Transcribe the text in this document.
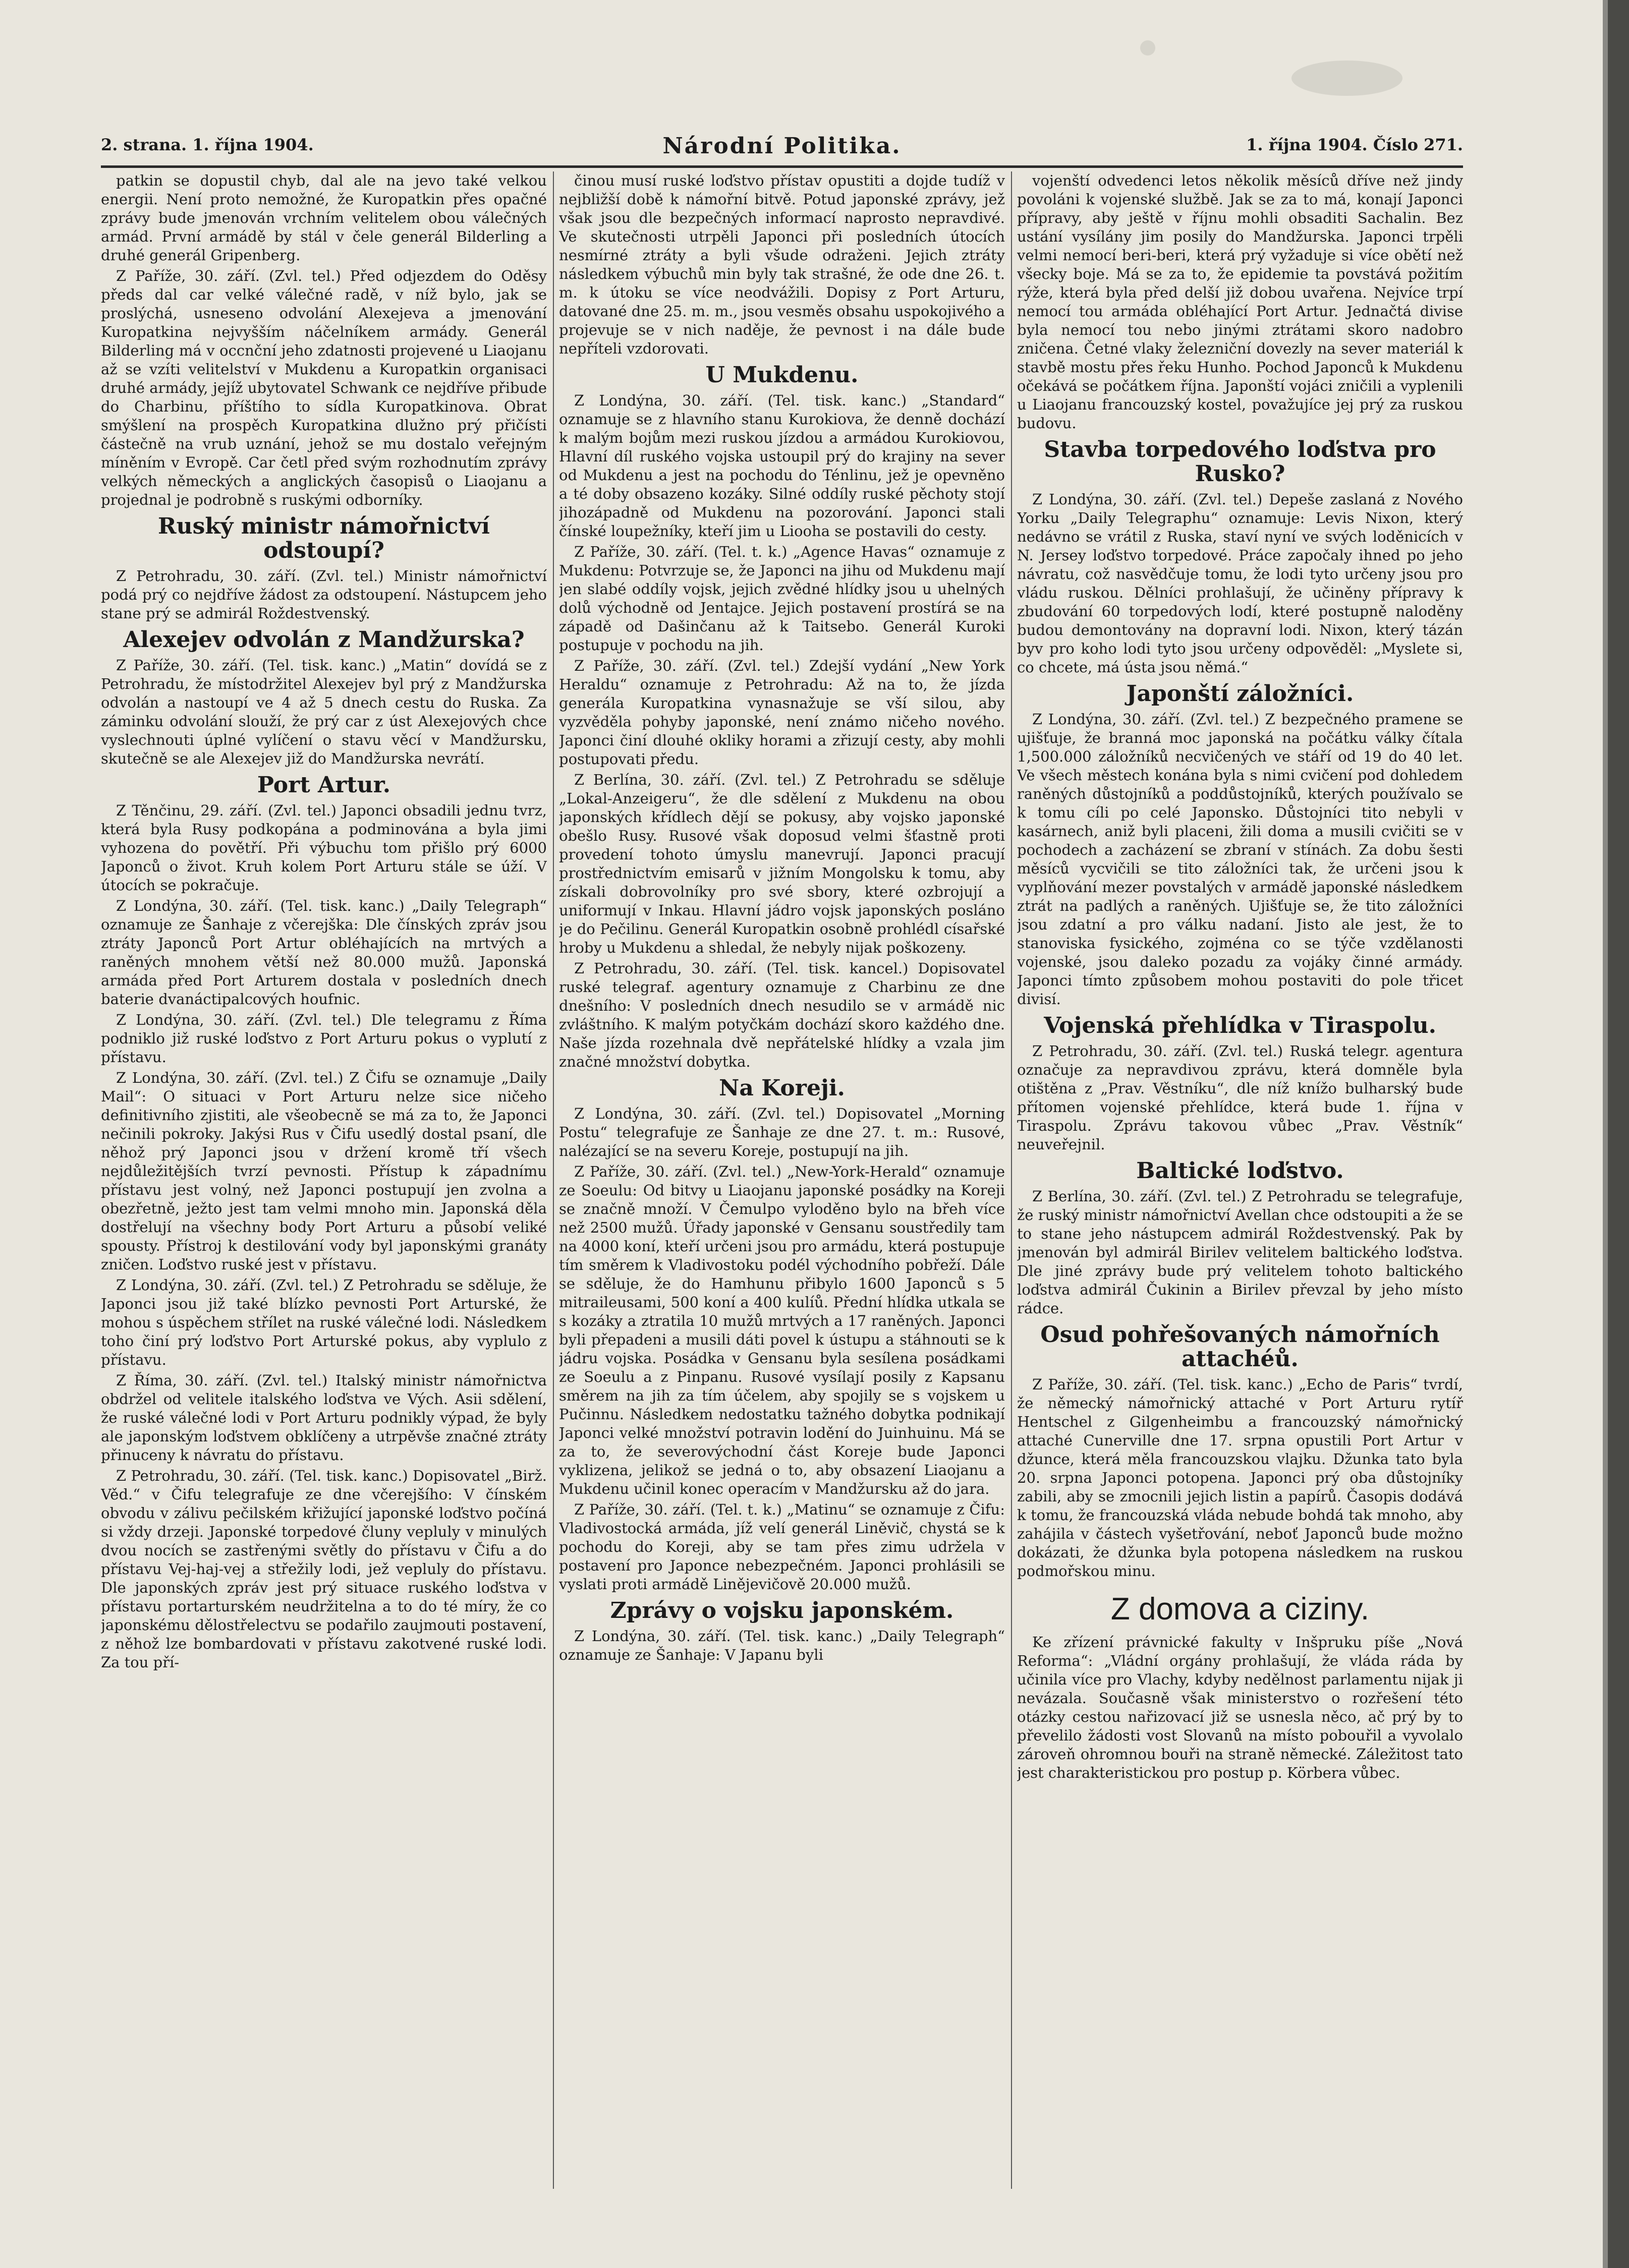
2. strana. 1. října 1904.	Národní Politika.	1. října 1904. Číslo 271.

patkin se dopustil chyb, dal ale na jevo také velkou energii. Není proto nemožné, že Kuropatkin přes opačné zprávy bude jmenován vrchním velitelem obou válečných armád. První armádě by stál v čele generál Bilderling a druhé generál Gripenberg.

Z Paříže, 30. září. (Zvl. tel.) Před odjezdem do Oděsy předs dal car velké válečné radě, v níž bylo, jak se proslýchá, usneseno odvolání Alexejeva a jmenování Kuropatkina nejvyšším náčelníkem armády. Generál Bilderling má v occnční jeho zdatnosti projevené u Liaojanu až se vzíti velitelství v Mukdenu a Kuropatkin organisaci druhé armády, jejíž ubytovatel Schwank ce nejdříve přibude do Charbinu, příštího to sídla Kuropatkinova. Obrat smýšlení na prospěch Kuropatkina dlužno prý přičísti částečně na vrub uznání, jehož se mu dostalo veřejným míněním v Evropě. Car četl před svým rozhodnutím zprávy velkých německých a anglických časopisů o Liaojanu a projednal je podrobně s ruskými odborníky.

Ruský ministr námořnictví odstoupí?

Z Petrohradu, 30. září. (Zvl. tel.) Ministr námořnictví podá prý co nejdříve žádost za odstoupení. Nástupcem jeho stane prý se admirál Roždestvenský.

Alexejev odvolán z Mandžurska?

Z Paříže, 30. září. (Tel. tisk. kanc.) „Matin“ dovídá se z Petrohradu, že místodržitel Alexejev byl prý z Mandžurska odvolán a nastoupí ve 4 až 5 dnech cestu do Ruska. Za záminku odvolání slouží, že prý car z úst Alexejových chce vyslechnouti úplné vylíčení o stavu věcí v Mandžursku, skutečně se ale Alexejev již do Mandžurska nevrátí.

Port Artur.

Z Těnčinu, 29. září. (Zvl. tel.) Japonci obsadili jednu tvrz, která byla Rusy podkopána a podminována a byla jimi vyhozena do povětří. Při výbuchu tom přišlo prý 6000 Japonců o život. Kruh kolem Port Arturu stále se úží. V útocích se pokračuje.

Z Londýna, 30. září. (Tel. tisk. kanc.) „Daily Telegraph“ oznamuje ze Šanhaje z včerejška: Dle čínských zpráv jsou ztráty Japonců Port Artur obléhajících na mrtvých a raněných mnohem větší než 80.000 mužů. Japonská armáda před Port Arturem dostala v posledních dnech baterie dvanáctipalcových houfnic.

Z Londýna, 30. září. (Zvl. tel.) Dle telegramu z Říma podniklo již ruské loďstvo z Port Arturu pokus o vyplutí z přístavu.

Z Londýna, 30. září. (Zvl. tel.) Z Čifu se oznamuje „Daily Mail“: O situaci v Port Arturu nelze sice ničeho definitivního zjistiti, ale všeobecně se má za to, že Japonci nečinili pokroky. Jakýsi Rus v Čifu usedlý dostal psaní, dle něhož prý Japonci jsou v držení kromě tří všech nejdůležitějších tvrzí pevnosti. Přístup k západnímu přístavu jest volný, než Japonci postupují jen zvolna a obezřetně, ježto jest tam velmi mnoho min. Japonská děla dostřelují na všechny body Port Arturu a působí veliké spousty. Přístroj k destilování vody byl japonskými granáty zničen. Loďstvo ruské jest v přístavu.

Z Londýna, 30. září. (Zvl. tel.) Z Petrohradu se sděluje, že Japonci jsou již také blízko pevnosti Port Arturské, že mohou s úspěchem střílet na ruské válečné lodi. Následkem toho činí prý loďstvo Port Arturské pokus, aby vyplulo z přístavu.

Z Říma, 30. září. (Zvl. tel.) Italský ministr námořnictva obdržel od velitele italského loďstva ve Vých. Asii sdělení, že ruské válečné lodi v Port Arturu podnikly výpad, že byly ale japonským loďstvem obklíčeny a utrpěvše značné ztráty přinuceny k návratu do přístavu.

Z Petrohradu, 30. září. (Tel. tisk. kanc.) Dopisovatel „Birž. Věd.“ v Čifu telegrafuje ze dne včerejšího: V čínském obvodu v zálivu pečilském křižující japonské loďstvo počíná si vždy drzeji. Japonské torpedové čluny vepluly v minulých dvou nocích se zastřenými světly do přístavu v Čifu a do přístavu Vej-haj-vej a střežily lodi, jež vepluly do přístavu. Dle japonských zpráv jest prý situace ruského loďstva v přístavu portarturském neudržitelna a to do té míry, že co japonskému dělostřelectvu se podařilo zaujmouti postavení, z něhož lze bombardovati v přístavu zakotvené ruské lodi. Za tou pří-

činou musí ruské loďstvo přístav opustiti a dojde tudíž v nejbližší době k námořní bitvě. Potud japonské zprávy, jež však jsou dle bezpečných informací naprosto nepravdivé. Ve skutečnosti utrpěli Japonci při posledních útocích nesmírné ztráty a byli všude odraženi. Jejich ztráty následkem výbuchů min byly tak strašné, že ode dne 26. t. m. k útoku se více neodvážili. Dopisy z Port Arturu, datované dne 25. m. m., jsou vesměs obsahu uspokojivého a projevuje se v nich naděje, že pevnost i na dále bude nepříteli vzdorovati.

U Mukdenu.

Z Londýna, 30. září. (Tel. tisk. kanc.) „Standard“ oznamuje se z hlavního stanu Kurokiova, že denně dochází k malým bojům mezi ruskou jízdou a armádou Kurokiovou, Hlavní díl ruského vojska ustoupil prý do krajiny na sever od Mukdenu a jest na pochodu do Ténlinu, jež je opevněno a té doby obsazeno kozáky. Silné oddíly ruské pěchoty stojí jihozápadně od Mukdenu na pozorování. Japonci stali čínské loupežníky, kteří jim u Liooha se postavili do cesty.

Z Paříže, 30. září. (Tel. t. k.) „Agence Havas“ oznamuje z Mukdenu: Potvrzuje se, že Japonci na jihu od Mukdenu mají jen slabé oddíly vojsk, jejich zvědné hlídky jsou u uhelných dolů východně od Jentajce. Jejich postavení prostírá se na západě od Dašinčanu až k Taitsebo. Generál Kuroki postupuje v pochodu na jih.

Z Paříže, 30. září. (Zvl. tel.) Zdejší vydání „New York Heraldu“ oznamuje z Petrohradu: Až na to, že jízda generála Kuropatkina vynasnažuje se vší silou, aby vyzvěděla pohyby japonské, není známo ničeho nového. Japonci činí dlouhé okliky horami a zřizují cesty, aby mohli postupovati předu.

Z Berlína, 30. září. (Zvl. tel.) Z Petrohradu se sděluje „Lokal-Anzeigeru“, že dle sdělení z Mukdenu na obou japonských křídlech dějí se pokusy, aby vojsko japonské obešlo Rusy. Rusové však doposud velmi šťastně proti provedení tohoto úmyslu manevrují. Japonci pracují prostřednictvím emisarů v jižním Mongolsku k tomu, aby získali dobrovolníky pro své sbory, které ozbrojují a uniformují v Inkau. Hlavní jádro vojsk japonských posláno je do Pečilinu. Generál Kuropatkin osobně prohlédl císařské hroby u Mukdenu a shledal, že nebyly nijak poškozeny.

Z Petrohradu, 30. září. (Tel. tisk. kancel.) Dopisovatel ruské telegraf. agentury oznamuje z Charbinu ze dne dnešního: V posledních dnech nesudilo se v armádě nic zvláštního. K malým potyčkám dochází skoro každého dne. Naše jízda rozehnala dvě nepřátelské hlídky a vzala jim značné množství dobytka.

Na Koreji.

Z Londýna, 30. září. (Zvl. tel.) Dopisovatel „Morning Postu“ telegrafuje ze Šanhaje ze dne 27. t. m.: Rusové, nalézající se na severu Koreje, postupují na jih.

Z Paříže, 30. září. (Zvl. tel.) „New-York-Herald“ oznamuje ze Soeulu: Od bitvy u Liaojanu japonské posádky na Koreji se značně množí. V Čemulpo vyloděno bylo na břeh více než 2500 mužů. Úřady japonské v Gensanu soustředily tam na 4000 koní, kteří určeni jsou pro armádu, která postupuje tím směrem k Vladivostoku podél východního pobřeží. Dále se sděluje, že do Hamhunu přibylo 1600 Japonců s 5 mitraileusami, 500 koní a 400 kulíů. Přední hlídka utkala se s kozáky a ztratila 10 mužů mrtvých a 17 raněných. Japonci byli přepadeni a musili dáti povel k ústupu a stáhnouti se k jádru vojska. Posádka v Gensanu byla sesílena posádkami ze Soeulu a z Pinpanu. Rusové vysílají posily z Kapsanu směrem na jih za tím účelem, aby spojily se s vojskem u Pučinnu. Následkem nedostatku tažného dobytka podnikají Japonci velké množství potravin lodění do Juinhuinu. Má se za to, že severovýchodní část Koreje bude Japonci vyklizena, jelikož se jedná o to, aby obsazení Liaojanu a Mukdenu učinil konec operacím v Mandžursku až do jara.

Z Paříže, 30. září. (Tel. t. k.) „Matinu“ se oznamuje z Čifu: Vladivostocká armáda, jíž velí generál Liněvič, chystá se k pochodu do Koreji, aby se tam přes zimu udržela v postavení pro Japonce nebezpečném. Japonci prohlásili se vyslati proti armádě Linějevičově 20.000 mužů.

Zprávy o vojsku japonském.

Z Londýna, 30. září. (Tel. tisk. kanc.) „Daily Telegraph“ oznamuje ze Šanhaje: V Japanu byli

vojenští odvedenci letos několik měsíců dříve než jindy povoláni k vojenské službě. Jak se za to má, konají Japonci přípravy, aby ještě v říjnu mohli obsaditi Sachalin. Bez ustání vysílány jim posily do Mandžurska. Japonci trpěli velmi nemocí beri-beri, která prý vyžaduje si více obětí než všecky boje. Má se za to, že epidemie ta povstává požitím rýže, která byla před delší již dobou uvařena. Nejvíce trpí nemocí tou armáda obléhající Port Artur. Jednačtá divise byla nemocí tou nebo jinými ztrátami skoro nadobro zničena. Četné vlaky železniční dovezly na sever materiál k stavbě mostu přes řeku Hunho. Pochod Japonců k Mukdenu očekává se počátkem října. Japonští vojáci zničili a vyplenili u Liaojanu francouzský kostel, považujíce jej prý za ruskou budovu.

Stavba torpedového loďstva pro Rusko?

Z Londýna, 30. září. (Zvl. tel.) Depeše zaslaná z Nového Yorku „Daily Telegraphu“ oznamuje: Levis Nixon, který nedávno se vrátil z Ruska, staví nyní ve svých loděnicích v N. Jersey loďstvo torpedové. Práce započaly ihned po jeho návratu, což nasvědčuje tomu, že lodi tyto určeny jsou pro vládu ruskou. Dělníci prohlašují, že učiněny přípravy k zbudování 60 torpedových lodí, které postupně naloděny budou demontovány na dopravní lodi. Nixon, který tázán byv pro koho lodi tyto jsou určeny odpověděl: „Myslete si, co chcete, má ústa jsou němá.“

Japonští záložníci.

Z Londýna, 30. září. (Zvl. tel.) Z bezpečného pramene se ujišťuje, že branná moc japonská na počátku války čítala 1,500.000 záložníků necvičených ve stáří od 19 do 40 let. Ve všech městech konána byla s nimi cvičení pod dohledem raněných důstojníků a poddůstojníků, kterých používalo se k tomu cíli po celé Japonsko. Důstojníci tito nebyli v kasárnech, aniž byli placeni, žili doma a musili cvičiti se v pochodech a zacházení se zbraní v stínách. Za dobu šesti měsíců vycvičili se tito záložníci tak, že určeni jsou k vyplňování mezer povstalých v armádě japonské následkem ztrát na padlých a raněných. Ujišťuje se, že tito záložníci jsou zdatní a pro válku nadaní. Jisto ale jest, že to stanoviska fysického, zojména co se týče vzdělanosti vojenské, jsou daleko pozadu za vojáky činné armády. Japonci tímto způsobem mohou postaviti do pole třicet divisí.

Vojenská přehlídka v Tiraspolu.

Z Petrohradu, 30. září. (Zvl. tel.) Ruská telegr. agentura označuje za nepravdivou zprávu, která domněle byla otištěna z „Prav. Věstníku“, dle níž knížo bulharský bude přítomen vojenské přehlídce, která bude 1. října v Tiraspolu. Zprávu takovou vůbec „Prav. Věstník“ neuveřejnil.

Baltické loďstvo.

Z Berlína, 30. září. (Zvl. tel.) Z Petrohradu se telegrafuje, že ruský ministr námořnictví Avellan chce odstoupiti a že se to stane jeho nástupcem admirál Roždestvenský. Pak by jmenován byl admirál Birilev velitelem baltického loďstva. Dle jiné zprávy bude prý velitelem tohoto baltického loďstva admirál Čukinin a Birilev převzal by jeho místo rádce.

Osud pohřešovaných námořních attachéů.

Z Paříže, 30. září. (Tel. tisk. kanc.) „Echo de Paris“ tvrdí, že německý námořnický attaché v Port Arturu rytíř Hentschel z Gilgenheimbu a francouzský námořnický attaché Cunerville dne 17. srpna opustili Port Artur v džunce, která měla francouzskou vlajku. Džunka tato byla 20. srpna Japonci potopena. Japonci prý oba důstojníky zabili, aby se zmocnili jejich listin a papírů. Časopis dodává k tomu, že francouzská vláda nebude bohdá tak mnoho, aby zahájila v částech vyšetřování, neboť Japonců bude možno dokázati, že džunka byla potopena následkem na ruskou podmořskou minu.

Z domova a ciziny.

Ke zřízení právnické fakulty v Inšpruku píše „Nová Reforma“: „Vládní orgány prohlašují, že vláda ráda by učinila více pro Vlachy, kdyby nedělnost parlamentu nijak ji nevázala. Současně však ministerstvo o rozřešení této otázky cestou nařizovací již se usnesla něco, ač prý by to převelilo žádosti vost Slovanů na místo pobouřil a vyvolalo zároveň ohromnou bouři na straně německé. Záležitost tato jest charakteristickou pro postup p. Körbera vůbec.
